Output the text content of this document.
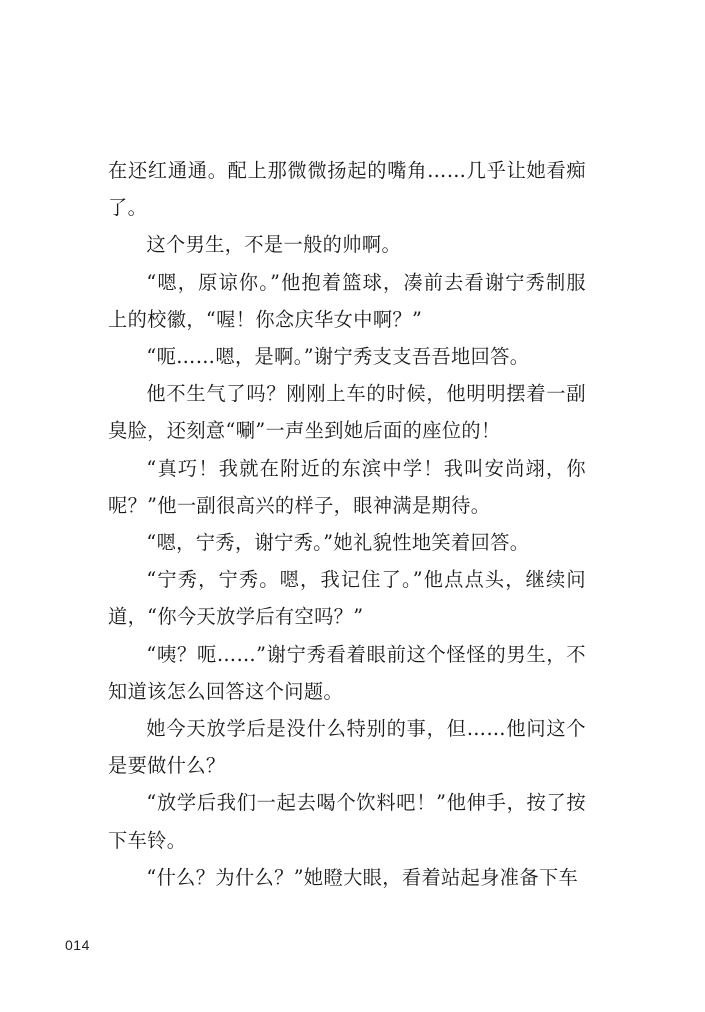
在还红通通。配上那微微扬起的嘴角……几乎让她看痴了。

这个男生，不是一般的帅啊。

“嗯，原谅你。”他抱着篮球，凑前去看谢宁秀制服上的校徽，“喔！你念庆华女中啊？”

“呃……嗯，是啊。”谢宁秀支支吾吾地回答。

他不生气了吗？刚刚上车的时候，他明明摆着一副臭脸，还刻意“唰”一声坐到她后面的座位的！

“真巧！我就在附近的东滨中学！我叫安尚翊，你呢？”他一副很高兴的样子，眼神满是期待。

“嗯，宁秀，谢宁秀。”她礼貌性地笑着回答。

“宁秀，宁秀。嗯，我记住了。”他点点头，继续问道，“你今天放学后有空吗？”

“咦？呃……”谢宁秀看着眼前这个怪怪的男生，不知道该怎么回答这个问题。

她今天放学后是没什么特别的事，但……他问这个是要做什么？

“放学后我们一起去喝个饮料吧！”他伸手，按了按下车铃。

“什么？为什么？”她瞪大眼，看着站起身准备下车

014
